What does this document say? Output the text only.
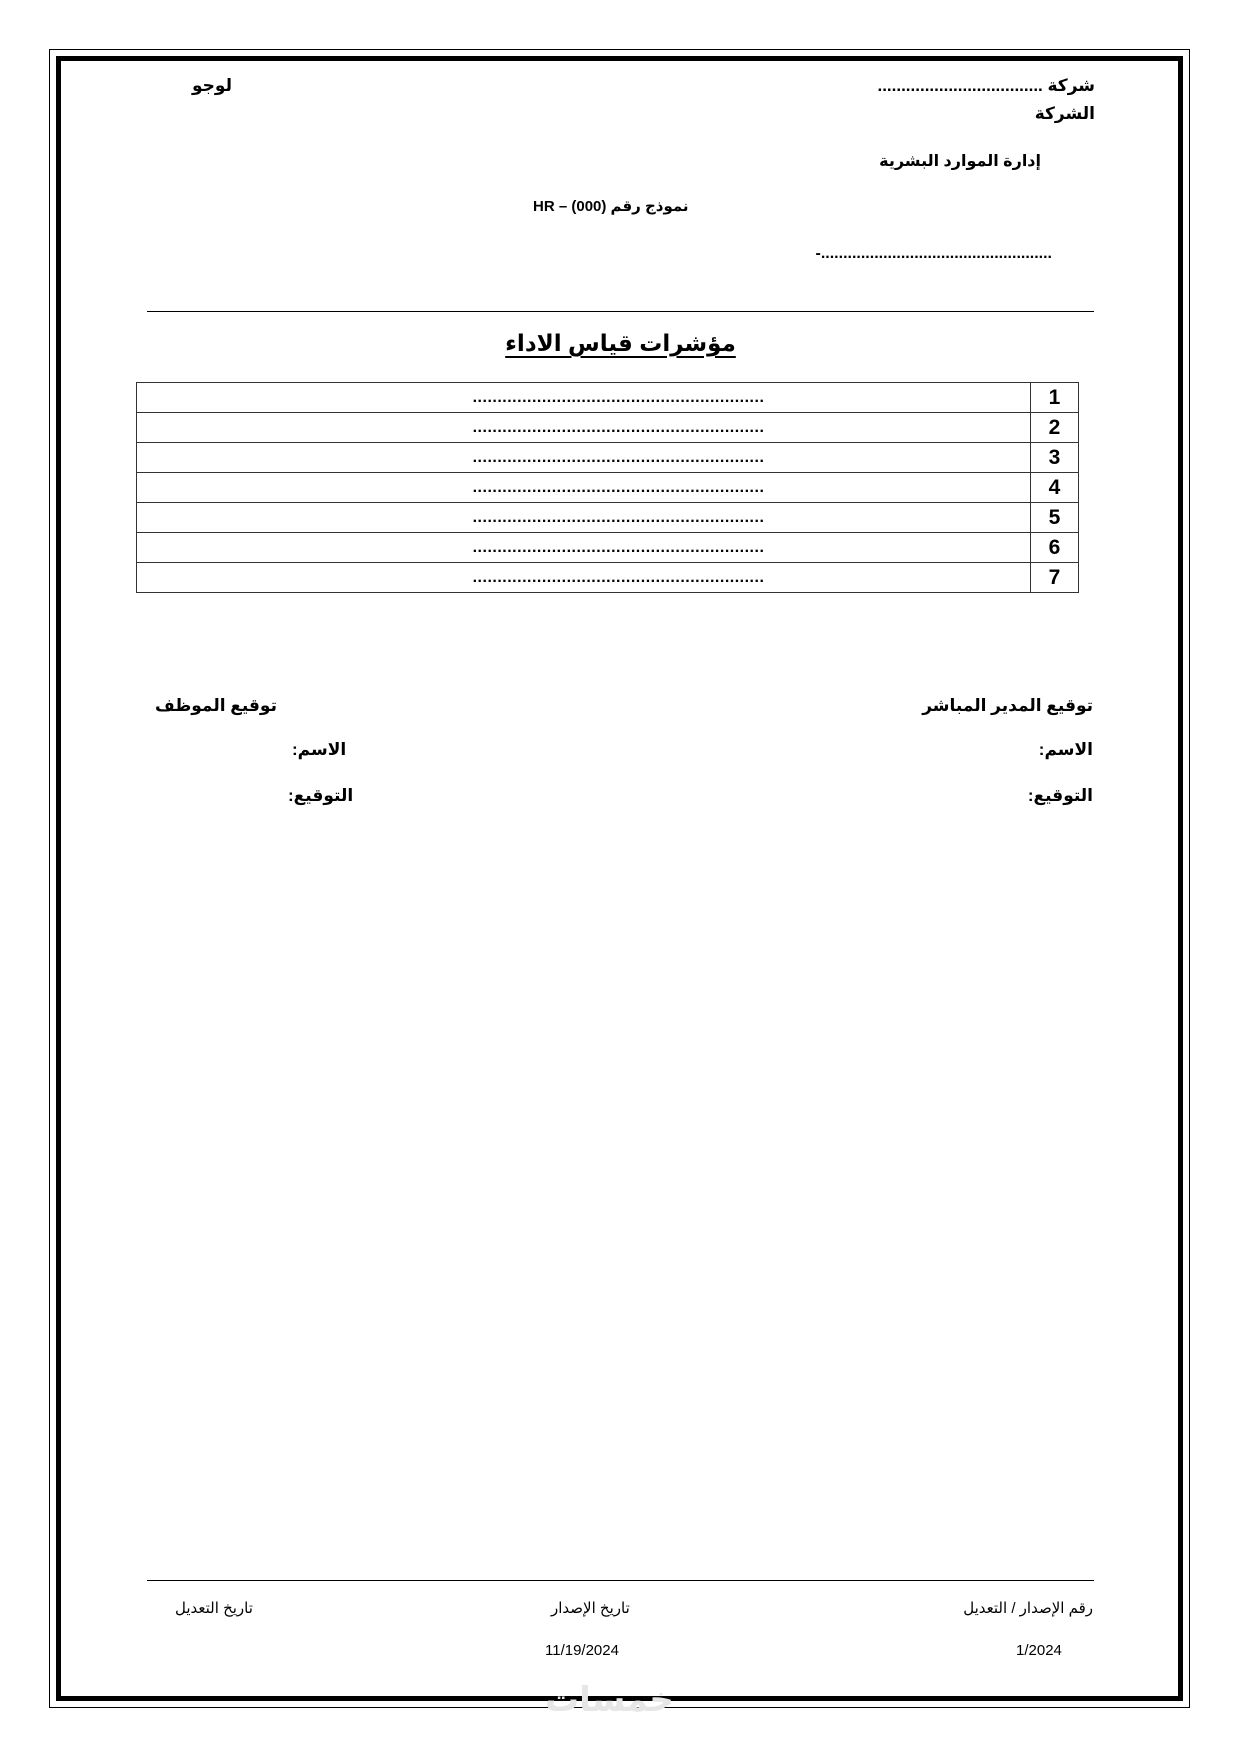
شركة ...................................
الشركة
لوجو
إدارة الموارد البشرية
نموذج رقم (000) – HR
-....................................................
مؤشرات قياس الاداء
...........................................................	1
...........................................................	2
...........................................................	3
...........................................................	4
...........................................................	5
...........................................................	6
...........................................................	7
توقيع المدير المباشر
توقيع الموظف
الاسم:
الاسم:
التوقيع:
التوقيع:
رقم الإصدار / التعديل
تاريخ الإصدار
تاريخ التعديل
1/2024
11/19/2024
خمسات
